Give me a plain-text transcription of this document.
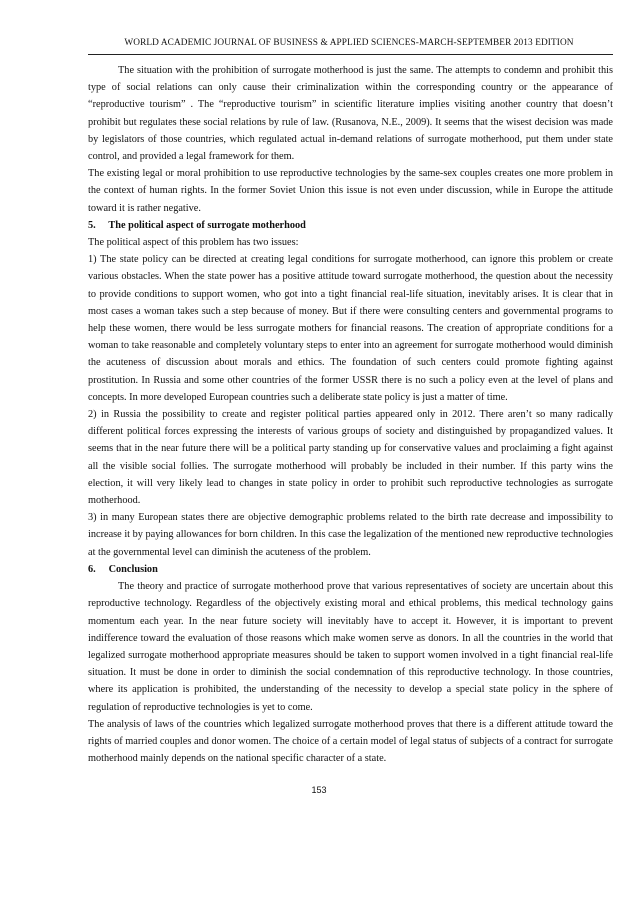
WORLD ACADEMIC JOURNAL OF BUSINESS & APPLIED SCIENCES-MARCH-SEPTEMBER 2013 EDITION

The situation with the prohibition of surrogate motherhood is just the same. The attempts to condemn and prohibit this type of social relations can only cause their criminalization within the corresponding country or the appearance of “reproductive tourism” . The “reproductive tourism” in scientific literature implies visiting another country that doesn’t prohibit but regulates these social relations by rule of law. (Rusanova, N.E., 2009). It seems that the wisest decision was made by legislators of those countries, which regulated actual in-demand relations of surrogate motherhood, put them under state control, and provided a legal framework for them.

The existing legal or moral prohibition to use reproductive technologies by the same-sex couples creates one more problem in the context of human rights. In the former Soviet Union this issue is not even under discussion, while in Europe the attitude toward it is rather negative.

5.     The political aspect of surrogate motherhood

The political aspect of this problem has two issues:

1) The state policy can be directed at creating legal conditions for surrogate motherhood, can ignore this problem or create various obstacles. When the state power has a positive attitude toward surrogate motherhood, the question about the necessity to provide conditions to support women, who got into a tight financial real-life situation, inevitably arises. It is clear that in most cases a woman takes such a step because of money. But if there were consulting centers and governmental programs to help these women, there would be less surrogate mothers for financial reasons. The creation of appropriate conditions for a woman to take reasonable and completely voluntary steps to enter into an agreement for surrogate motherhood would diminish the acuteness of discussion about morals and ethics. The foundation of such centers could promote fighting against prostitution. In Russia and some other countries of the former USSR there is no such a policy even at the level of plans and concepts. In more developed European countries such a deliberate state policy is just a matter of time.

2) in Russia the possibility to create and register political parties appeared only in 2012. There aren’t so many radically different political forces expressing the interests of various groups of society and distinguished by propagandized values. It seems that in the near future there will be a political party standing up for conservative values and proclaiming a fight against all the visible social follies. The surrogate motherhood will probably be included in their number. If this party wins the election, it will very likely lead to changes in state policy in order to prohibit such reproductive technologies as surrogate motherhood.

3) in many European states there are objective demographic problems related to the birth rate decrease and impossibility to increase it by paying allowances for born children. In this case the legalization of the mentioned new reproductive technologies at the governmental level can diminish the acuteness of the problem.

6.     Conclusion

The theory and practice of surrogate motherhood prove that various representatives of society are uncertain about this reproductive technology. Regardless of the objectively existing moral and ethical problems, this medical technology gains momentum each year. In the near future society will inevitably have to accept it. However, it is important to prevent indifference toward the evaluation of those reasons which make women serve as donors. In all the countries in the world that legalized surrogate motherhood appropriate measures should be taken to support women involved in a tight financial real-life situation. It must be done in order to diminish the social condemnation of this reproductive technology. In those countries, where its application is prohibited, the understanding of the necessity to develop a special state policy in the sphere of regulation of reproductive technologies is yet to come.

The analysis of laws of the countries which legalized surrogate motherhood proves that there is a different attitude toward the rights of married couples and donor women. The choice of a certain model of legal status of subjects of a contract for surrogate motherhood mainly depends on the national specific character of a state.

153
